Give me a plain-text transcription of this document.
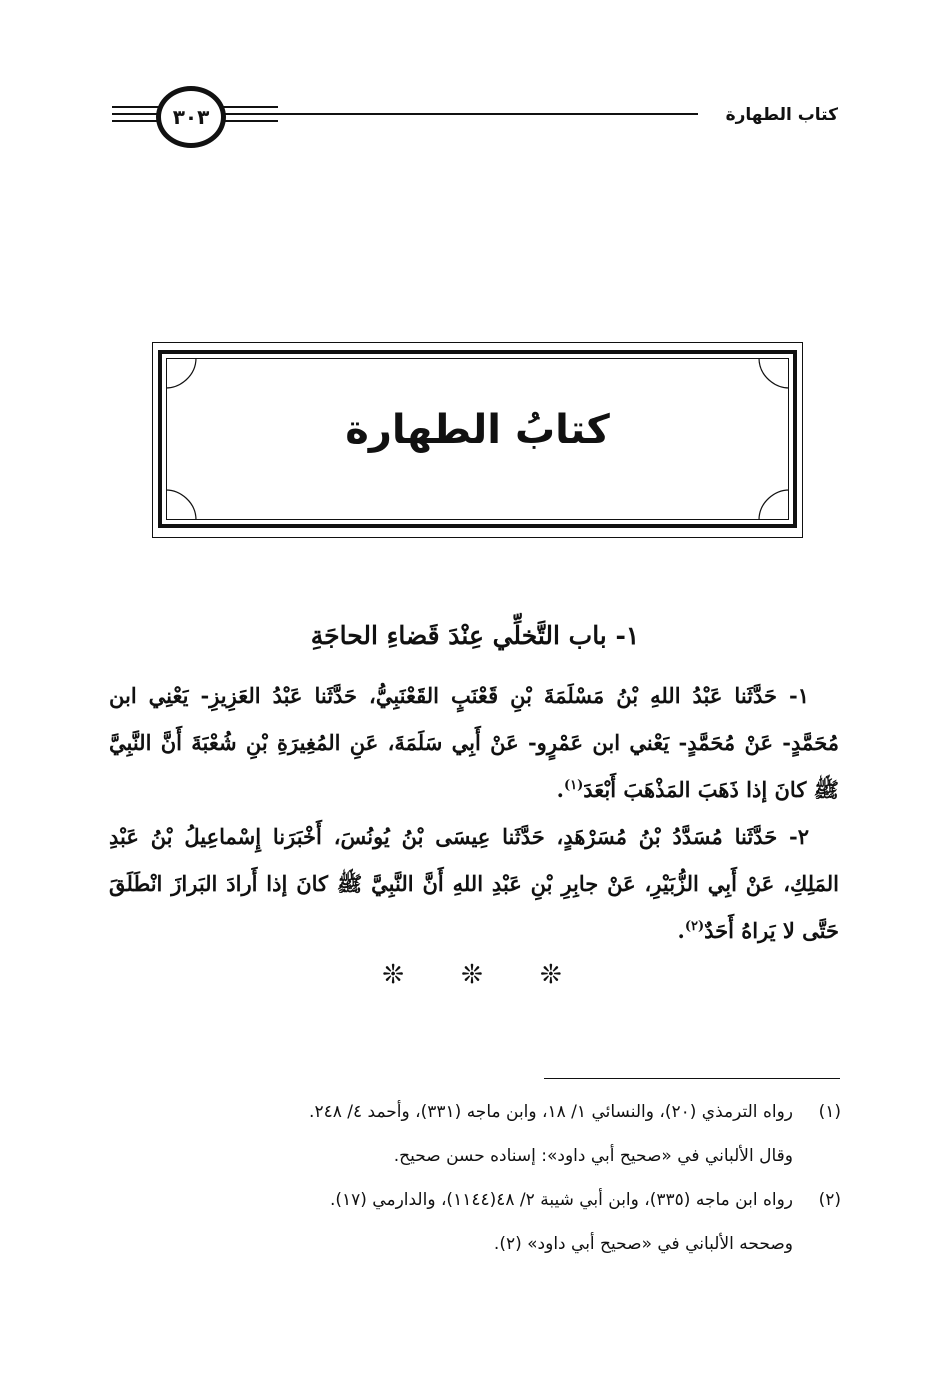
كتاب الطهارة
٣٠٣
كتابُ الطهارة
١- باب التَّخلِّي عِنْدَ قَضاءِ الحاجَةِ

١- حَدَّثَنا عَبْدُ اللهِ بْنُ مَسْلَمَةَ بْنِ قَعْنَبٍ القَعْنَبِيُّ، حَدَّثَنا عَبْدُ العَزِيزِ- يَعْنِي ابن مُحَمَّدٍ- عَنْ مُحَمَّدٍ- يَعْني ابن عَمْرٍو- عَنْ أَبِي سَلَمَةَ، عَنِ المُغِيرَةِ بْنِ شُعْبَةَ أَنَّ النَّبِيَّ ﷺ كانَ إذا ذَهَبَ المَذْهَبَ أَبْعَدَ$^{(١)}$.

٢- حَدَّثَنا مُسَدَّدُ بْنُ مُسَرْهَدٍ، حَدَّثَنا عِيسَى بْنُ يُونُسَ، أَخْبَرَنا إِسْماعِيلُ بْنُ عَبْدِ المَلِكِ، عَنْ أَبِي الزُّبَيْرِ، عَنْ جابِرِ بْنِ عَبْدِ اللهِ أَنَّ النَّبِيَّ ﷺ كانَ إذا أَرادَ البَرازَ انْطَلَقَ حَتَّى لا يَراهُ أَحَدٌ$^{(٢)}$.

❊ ❊ ❊
(١)
رواه الترمذي (٢٠)، والنسائي ١/ ١٨، وابن ماجه (٣٣١)، وأحمد ٤/ ٢٤٨.
وقال الألباني في «صحيح أبي داود»: إسناده حسن صحيح.
(٢)
رواه ابن ماجه (٣٣٥)، وابن أبي شيبة ٢/ ٤٨(١١٤٤)، والدارمي (١٧).
وصححه الألباني في «صحيح أبي داود» (٢).
